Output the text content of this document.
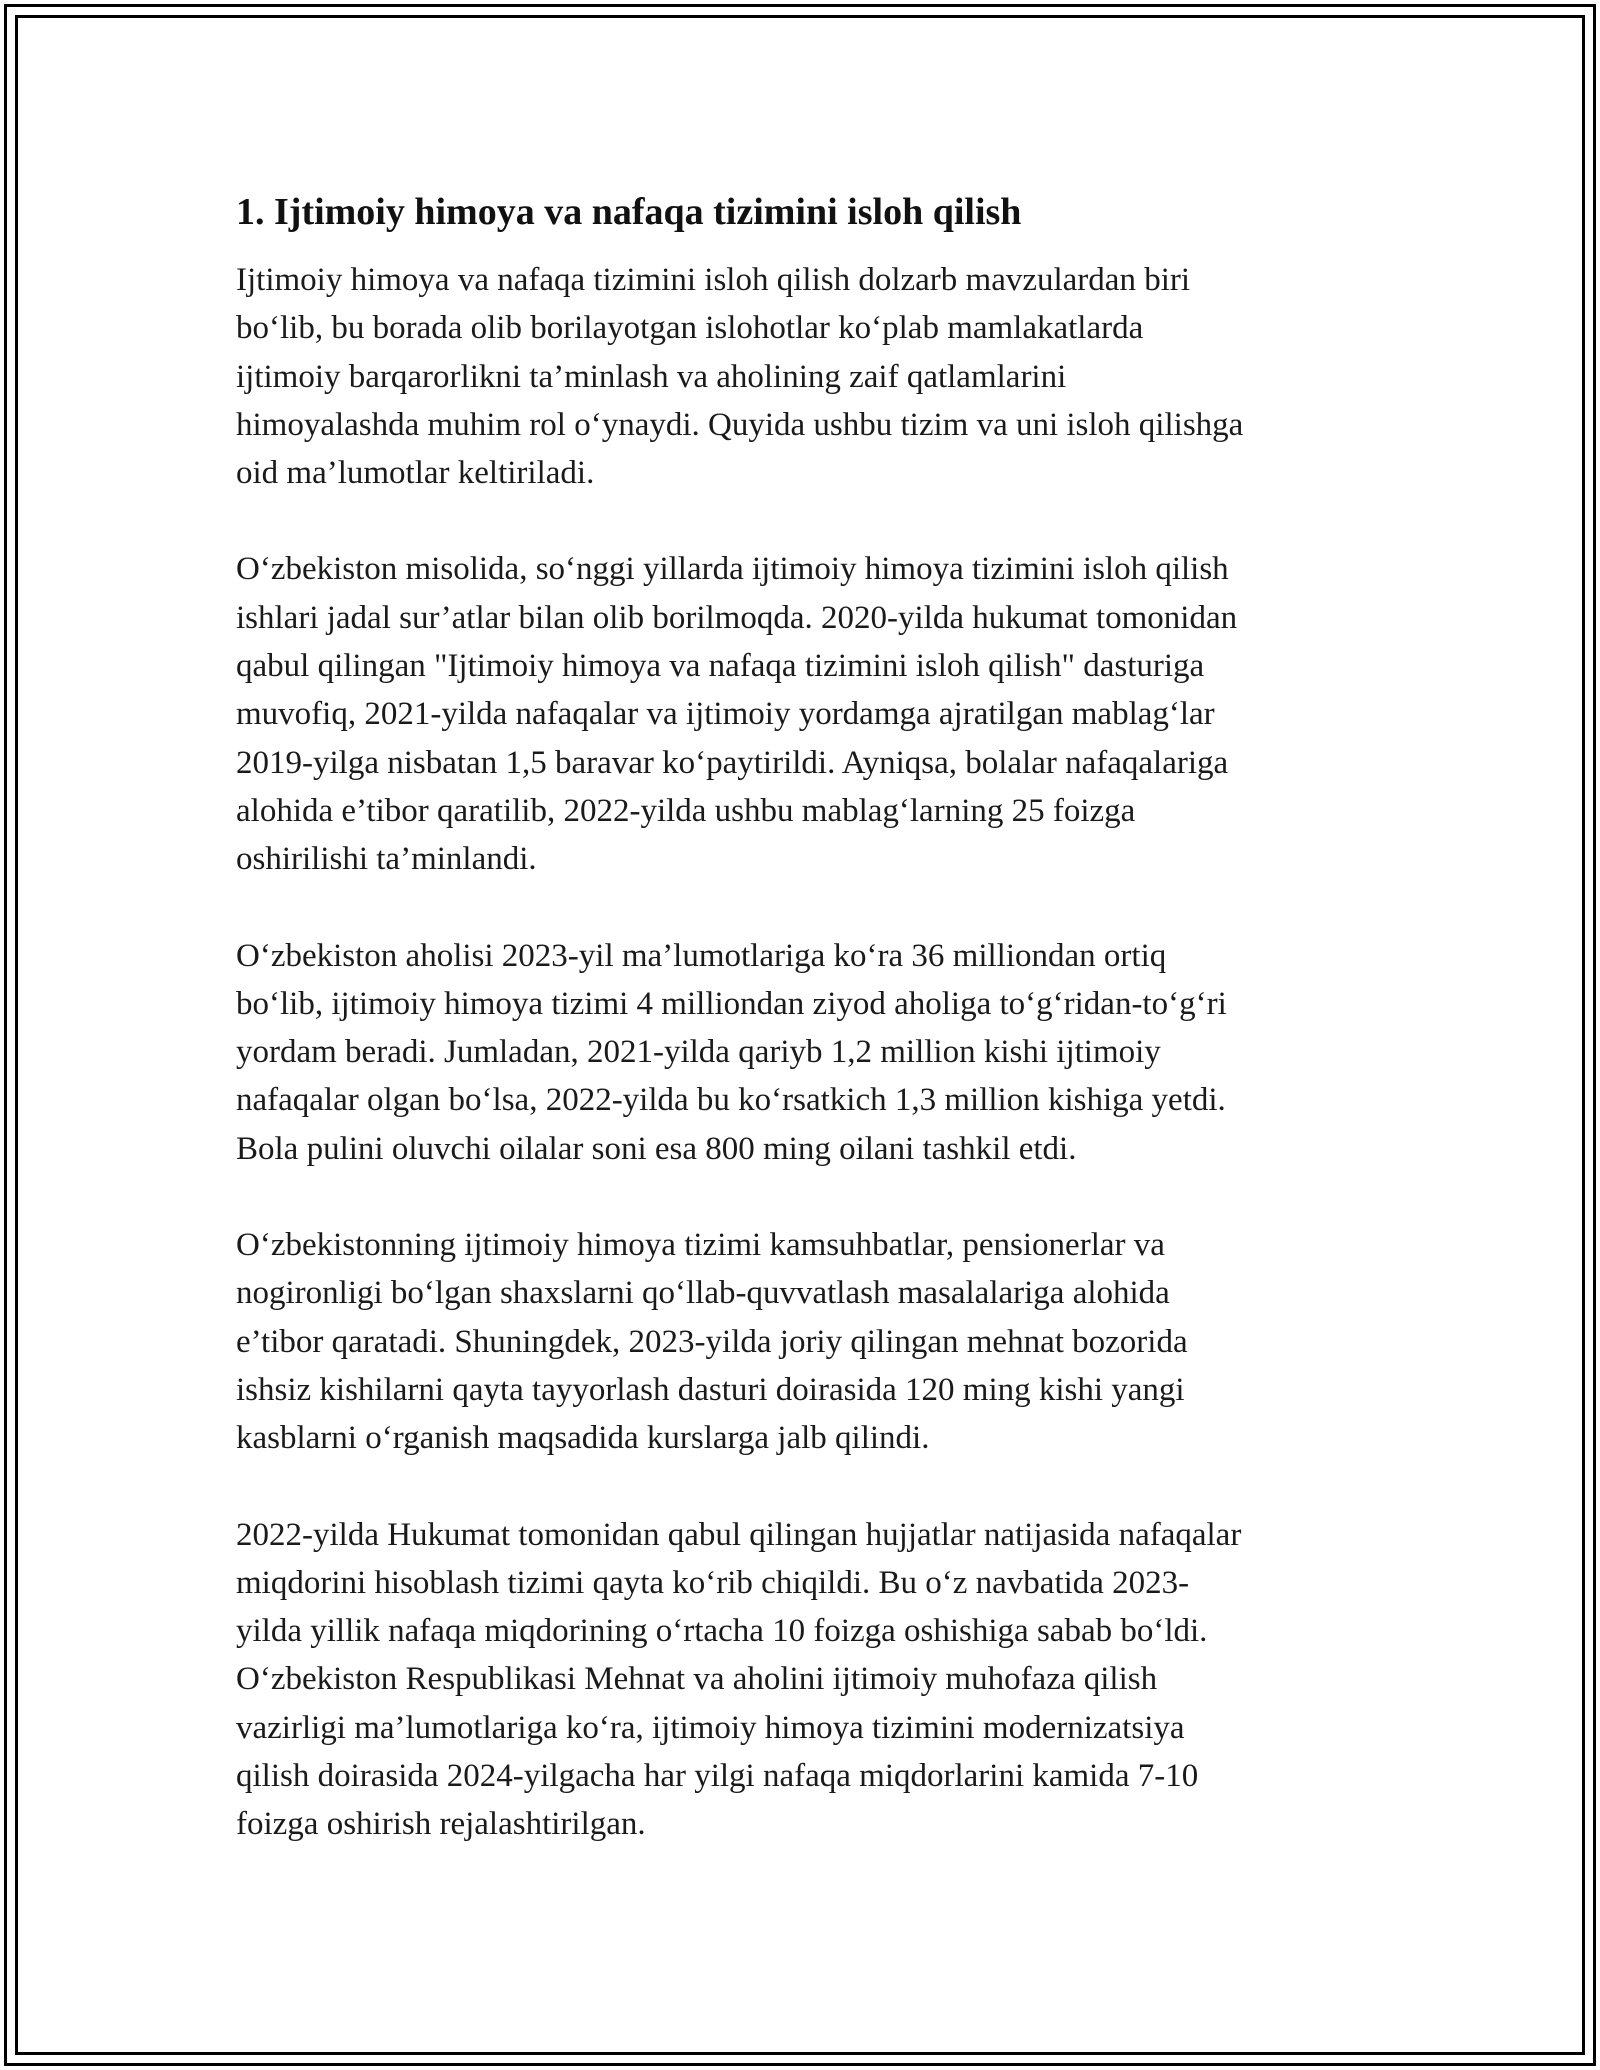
1. Ijtimoiy himoya va nafaqa tizimini isloh qilish

Ijtimoiy himoya va nafaqa tizimini isloh qilish dolzarb mavzulardan biri
bo‘lib, bu borada olib borilayotgan islohotlar ko‘plab mamlakatlarda
ijtimoiy barqarorlikni ta’minlash va aholining zaif qatlamlarini
himoyalashda muhim rol o‘ynaydi. Quyida ushbu tizim va uni isloh qilishga
oid ma’lumotlar keltiriladi.

O‘zbekiston misolida, so‘nggi yillarda ijtimoiy himoya tizimini isloh qilish
ishlari jadal sur’atlar bilan olib borilmoqda. 2020-yilda hukumat tomonidan
qabul qilingan "Ijtimoiy himoya va nafaqa tizimini isloh qilish" dasturiga
muvofiq, 2021-yilda nafaqalar va ijtimoiy yordamga ajratilgan mablag‘lar
2019-yilga nisbatan 1,5 baravar ko‘paytirildi. Ayniqsa, bolalar nafaqalariga
alohida e’tibor qaratilib, 2022-yilda ushbu mablag‘larning 25 foizga
oshirilishi ta’minlandi.

O‘zbekiston aholisi 2023-yil ma’lumotlariga ko‘ra 36 milliondan ortiq
bo‘lib, ijtimoiy himoya tizimi 4 milliondan ziyod aholiga to‘g‘ridan-to‘g‘ri
yordam beradi. Jumladan, 2021-yilda qariyb 1,2 million kishi ijtimoiy
nafaqalar olgan bo‘lsa, 2022-yilda bu ko‘rsatkich 1,3 million kishiga yetdi.
Bola pulini oluvchi oilalar soni esa 800 ming oilani tashkil etdi.

O‘zbekistonning ijtimoiy himoya tizimi kamsuhbatlar, pensionerlar va
nogironligi bo‘lgan shaxslarni qo‘llab-quvvatlash masalalariga alohida
e’tibor qaratadi. Shuningdek, 2023-yilda joriy qilingan mehnat bozorida
ishsiz kishilarni qayta tayyorlash dasturi doirasida 120 ming kishi yangi
kasblarni o‘rganish maqsadida kurslarga jalb qilindi.

2022-yilda Hukumat tomonidan qabul qilingan hujjatlar natijasida nafaqalar
miqdorini hisoblash tizimi qayta ko‘rib chiqildi. Bu o‘z navbatida 2023-
yilda yillik nafaqa miqdorining o‘rtacha 10 foizga oshishiga sabab bo‘ldi.
O‘zbekiston Respublikasi Mehnat va aholini ijtimoiy muhofaza qilish
vazirligi ma’lumotlariga ko‘ra, ijtimoiy himoya tizimini modernizatsiya
qilish doirasida 2024-yilgacha har yilgi nafaqa miqdorlarini kamida 7-10
foizga oshirish rejalashtirilgan.
